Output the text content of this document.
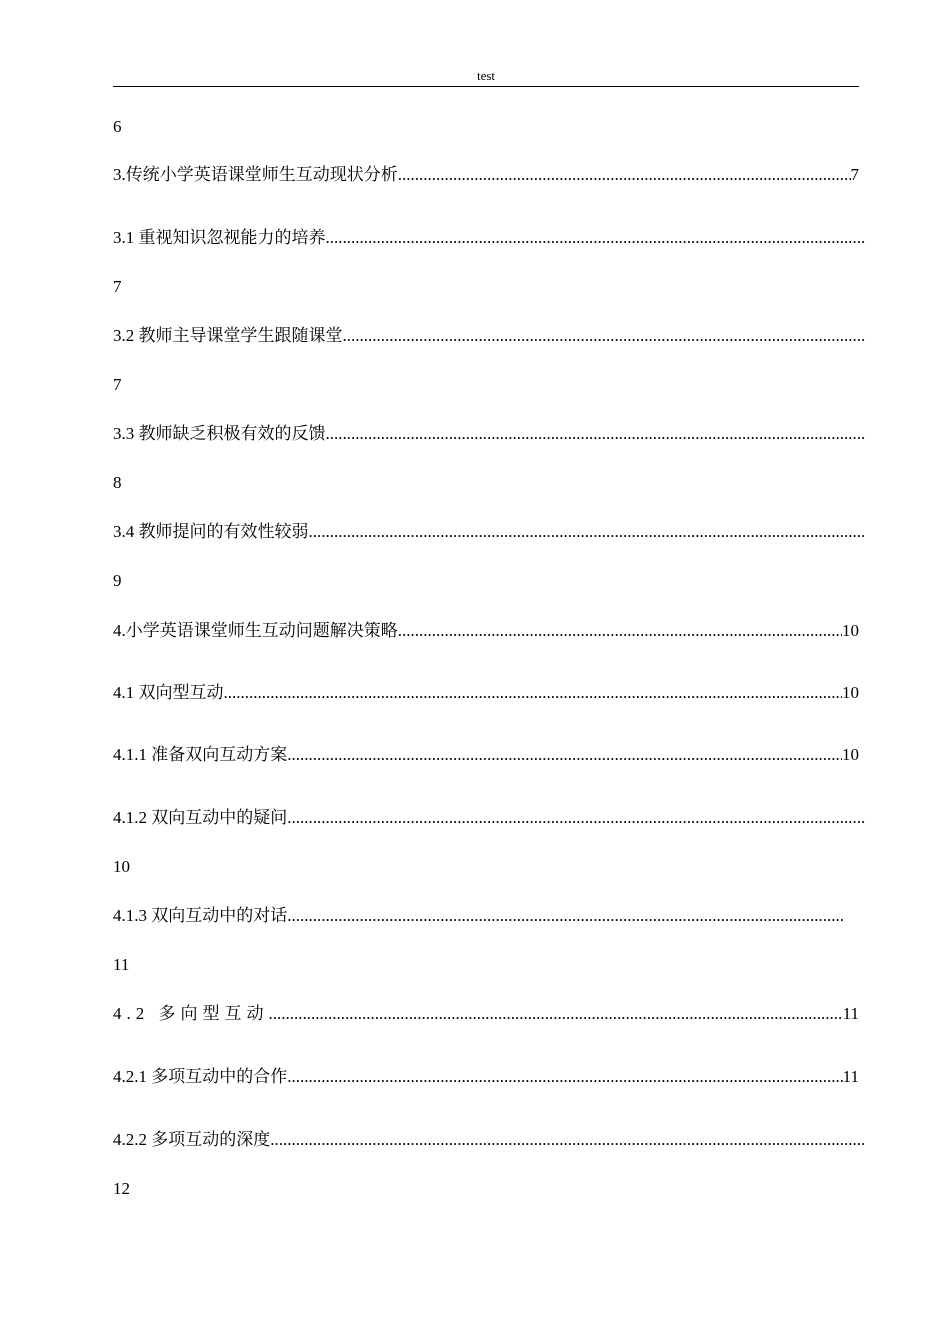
test
6
3.传统小学英语课堂师生互动现状分析 .....	7
3.1 重视知识忽视能力的培养
.....
7
3.2 教师主导课堂学生跟随课堂
.....
7
3.3 教师缺乏积极有效的反馈
.....
8
3.4 教师提问的有效性较弱
.....
9
4.小学英语课堂师生互动问题解决策略 .....	10
4.1 双向型互动 .....	10
4.1.1 准备双向互动方案 .....	10
4.1.2 双向互动中的疑问
.....
10
4.1.3 双向互动中的对话
.....
11
4.2 多向型互动 .....	11
4.2.1 多项互动中的合作 .....	11
4.2.2 多项互动的深度
.....
12
